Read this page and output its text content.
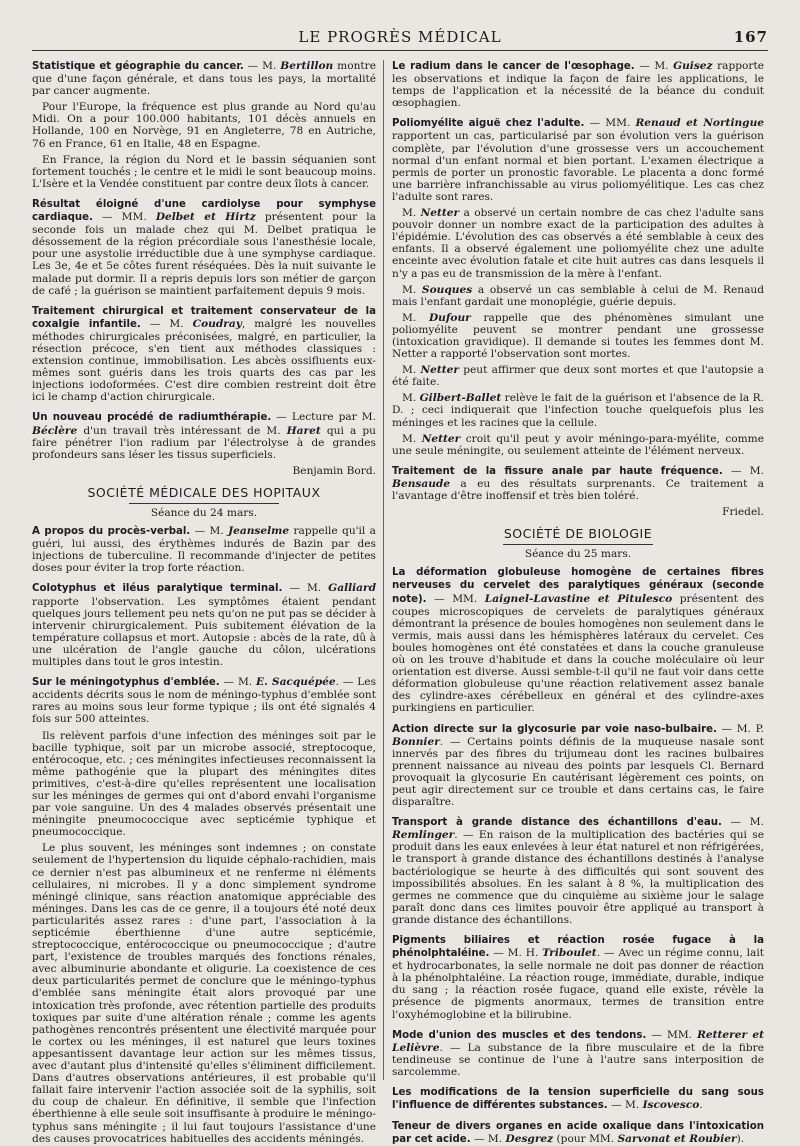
LE PROGRÈS MÉDICAL	167

Statistique et géographie du cancer. — M. Bertillon montre que d'une façon générale, et dans tous les pays, la mortalité par cancer augmente.

Pour l'Europe, la fréquence est plus grande au Nord qu'au Midi. On a pour 100.000 habitants, 101 décès annuels en Hollande, 100 en Norvège, 91 en Angleterre, 78 en Autriche, 76 en France, 61 en Italie, 48 en Espagne.

En France, la région du Nord et le bassin séquanien sont fortement touchés ; le centre et le midi le sont beaucoup moins. L'Isère et la Vendée constituent par contre deux îlots à cancer.

Résultat éloigné d'une cardiolyse pour symphyse cardiaque. — MM. Delbet et Hirtz présentent pour la seconde fois un malade chez qui M. Delbet pratiqua le désossement de la région précordiale sous l'anesthésie locale, pour une asystolie irréductible due à une symphyse cardiaque. Les 3e, 4e et 5e côtes furent réséquées. Dès la nuit suivante le malade put dormir. Il a repris depuis lors son métier de garçon de café ; la guérison se maintient parfaitement depuis 9 mois.

Traitement chirurgical et traitement conservateur de la coxalgie infantile. — M. Coudray, malgré les nouvelles méthodes chirurgicales préconisées, malgré, en particulier, la résection précoce, s'en tient aux méthodes classiques : extension continue, immobilisation. Les abcès ossifluents eux-mêmes sont guéris dans les trois quarts des cas par les injections iodoformées. C'est dire combien restreint doit être ici le champ d'action chirurgicale.

Un nouveau procédé de radiumthérapie. — Lecture par M. Béclère d'un travail très intéressant de M. Haret qui a pu faire pénétrer l'ion radium par l'électrolyse à de grandes profondeurs sans léser les tissus superficiels.

Benjamin Bord.
SOCIÉTÉ MÉDICALE DES HOPITAUX
Séance du 24 mars.

A propos du procès-verbal. — M. Jeanselme rappelle qu'il a guéri, lui aussi, des érythèmes indurés de Bazin par des injections de tuberculine. Il recommande d'injecter de petites doses pour éviter la trop forte réaction.

Colotyphus et iléus paralytique terminal. — M. Galliard rapporte l'observation. Les symptômes étaient pendant quelques jours tellement peu nets qu'on ne put pas se décider à intervenir chirurgicalement. Puis subitement élévation de la température collapsus et mort. Autopsie : abcès de la rate, dû à une ulcération de l'angle gauche du côlon, ulcérations multiples dans tout le gros intestin.

Sur le méningotyphus d'emblée. — M. E. Sacquépée. — Les accidents décrits sous le nom de méningo-typhus d'emblée sont rares au moins sous leur forme typique ; ils ont été signalés 4 fois sur 500 atteintes.

Ils relèvent parfois d'une infection des méninges soit par le bacille typhique, soit par un microbe associé, streptocoque, entérocoque, etc. ; ces méningites infectieuses reconnaissent la même pathogénie que la plupart des méningites dites primitives, c'est-à-dire qu'elles représentent une localisation sur les méninges de germes qui ont d'abord envahi l'organisme par voie sanguine. Un des 4 malades observés présentait une méningite pneumococcique avec septicémie typhique et pneumococcique.

Le plus souvent, les méninges sont indemnes ; on constate seulement de l'hypertension du liquide céphalo-rachidien, mais ce dernier n'est pas albumineux et ne renferme ni éléments cellulaires, ni microbes. Il y a donc simplement syndrome méningé clinique, sans réaction anatomique appréciable des méninges. Dans les cas de ce genre, il a toujours été noté deux particularités assez rares : d'une part, l'association à la septicémie éberthienne d'une autre septicémie, streptococcique, entérococcique ou pneumococcique ; d'autre part, l'existence de troubles marqués des fonctions rénales, avec albuminurie abondante et oligurie. La coexistence de ces deux particularités permet de conclure que le méningo-typhus d'emblée sans méningite était alors provoqué par une intoxication très profonde, avec rétention partielle des produits toxiques par suite d'une altération rénale ; comme les agents pathogènes rencontrés présentent une électivité marquée pour le cortex ou les méninges, il est naturel que leurs toxines appesantissent davantage leur action sur les mêmes tissus, avec d'autant plus d'intensité qu'elles s'éliminent difficilement. Dans d'autres observations antérieures, il est probable qu'il fallait faire intervenir l'action associée soit de la syphilis, soit du coup de chaleur. En définitive, il semble que l'infection éberthienne à elle seule soit insuffisante à produire le méningo-typhus sans méningite ; il lui faut toujours l'assistance d'une des causes provocatrices habituelles des accidents méningés.

Le radium dans le cancer de l'œsophage. — M. Guisez rapporte les observations et indique la façon de faire les applications, le temps de l'application et la nécessité de la béance du conduit œsophagien.

Poliomyélite aiguë chez l'adulte. — MM. Renaud et Nortingue rapportent un cas, particularisé par son évolution vers la guérison complète, par l'évolution d'une grossesse vers un accouchement normal d'un enfant normal et bien portant. L'examen électrique a permis de porter un pronostic favorable. Le placenta a donc formé une barrière infranchissable au virus poliomyélitique. Les cas chez l'adulte sont rares.

M. Netter a observé un certain nombre de cas chez l'adulte sans pouvoir donner un nombre exact de la participation des adultes à l'épidémie. L'évolution des cas observés a été semblable à ceux des enfants. Il a observé également une poliomyélite chez une adulte enceinte avec évolution fatale et cite huit autres cas dans lesquels il n'y a pas eu de transmission de la mère à l'enfant.

M. Souques a observé un cas semblable à celui de M. Renaud mais l'enfant gardait une monoplégie, guérie depuis.

M. Dufour rappelle que des phénomènes simulant une poliomyélite peuvent se montrer pendant une grossesse (intoxication gravidique). Il demande si toutes les femmes dont M. Netter a rapporté l'observation sont mortes.

M. Netter peut affirmer que deux sont mortes et que l'autopsie a été faite.

M. Gilbert-Ballet relève le fait de la guérison et l'absence de la R. D. ; ceci indiquerait que l'infection touche quelquefois plus les méninges et les racines que la cellule.

M. Netter croit qu'il peut y avoir méningo-para-myélite, comme une seule méningite, ou seulement atteinte de l'élément nerveux.

Traitement de la fissure anale par haute fréquence. — M. Bensaude a eu des résultats surprenants. Ce traitement a l'avantage d'être inoffensif et très bien toléré.

Friedel.
SOCIÉTÉ DE BIOLOGIE
Séance du 25 mars.

La déformation globuleuse homogène de certaines fibres nerveuses du cervelet des paralytiques généraux (seconde note). — MM. Laignel-Lavastine et Pitulesco présentent des coupes microscopiques de cervelets de paralytiques généraux démontrant la présence de boules homogènes non seulement dans le vermis, mais aussi dans les hémisphères latéraux du cervelet. Ces boules homogènes ont été constatées et dans la couche granuleuse où on les trouve d'habitude et dans la couche moléculaire où leur orientation est diverse. Aussi semble-t-il qu'il ne faut voir dans cette déformation globuleuse qu'une réaction relativement assez banale des cylindre-axes cérébelleux en général et des cylindre-axes purkingiens en particulier.

Action directe sur la glycosurie par voie naso-bulbaire. — M. P. Bonnier. — Certains points définis de la muqueuse nasale sont innervés par des fibres du trijumeau dont les racines bulbaires prennent naissance au niveau des points par lesquels Cl. Bernard provoquait la glycosurie En cautérisant légèrement ces points, on peut agir directement sur ce trouble et dans certains cas, le faire disparaître.

Transport à grande distance des échantillons d'eau. — M. Remlinger. — En raison de la multiplication des bactéries qui se produit dans les eaux enlevées à leur état naturel et non réfrigérées, le transport à grande distance des échantillons destinés à l'analyse bactériologique se heurte à des difficultés qui sont souvent des impossibilités absolues. En les salant à 8 %, la multiplication des germes ne commence que du cinquième au sixième jour le salage paraît donc dans ces limites pouvoir être appliqué au transport à grande distance des échantillons.

Pigments biliaires et réaction rosée fugace à la phénolphtaléine. — M. H. Triboulet. — Avec un régime connu, lait et hydrocarbonates, la selle normale ne doit pas donner de réaction à la phénolphtaléine. La réaction rouge, immédiate, durable, indique du sang ; la réaction rosée fugace, quand elle existe, révèle la présence de pigments anormaux, termes de transition entre l'oxyhémoglobine et la bilirubine.

Mode d'union des muscles et des tendons. — MM. Retterer et Lelièvre. — La substance de la fibre musculaire et de la fibre tendineuse se continue de l'une à l'autre sans interposition de sarcolemme.

Les modifications de la tension superficielle du sang sous l'influence de différentes substances. — M. Iscovesco.

Teneur de divers organes en acide oxalique dans l'intoxication par cet acide. — M. Desgrez (pour MM. Sarvonat et Roubier).
